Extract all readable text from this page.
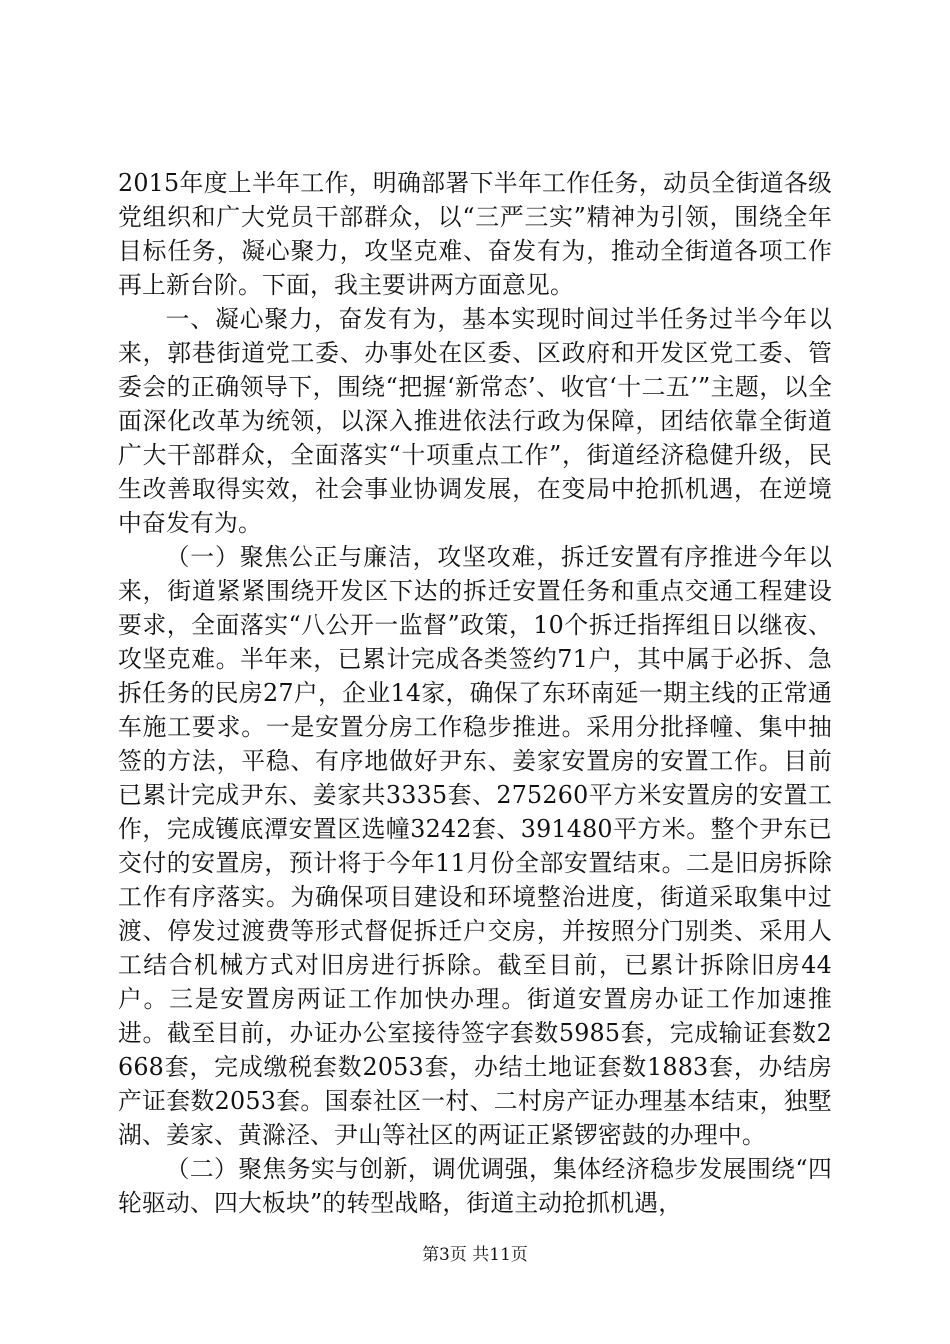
2015年度上半年工作，明确部署下半年工作任务，动员全街道各级党组织和广大党员干部群众，以“三严三实”精神为引领，围绕全年目标任务，凝心聚力，攻坚克难、奋发有为，推动全街道各项工作再上新台阶。下面，我主要讲两方面意见。

一、凝心聚力，奋发有为，基本实现时间过半任务过半今年以来，郭巷街道党工委、办事处在区委、区政府和开发区党工委、管委会的正确领导下，围绕“把握‘新常态’、收官‘十二五’”主题，以全面深化改革为统领，以深入推进依法行政为保障，团结依靠全街道广大干部群众，全面落实“十项重点工作”，街道经济稳健升级，民生改善取得实效，社会事业协调发展，在变局中抢抓机遇，在逆境中奋发有为。

（一）聚焦公正与廉洁，攻坚攻难，拆迁安置有序推进今年以来，街道紧紧围绕开发区下达的拆迁安置任务和重点交通工程建设要求，全面落实“八公开一监督”政策，10个拆迁指挥组日以继夜、攻坚克难。半年来，已累计完成各类签约71户，其中属于必拆、急拆任务的民房27户，企业14家，确保了东环南延一期主线的正常通车施工要求。一是安置分房工作稳步推进。采用分批择幢、集中抽签的方法，平稳、有序地做好尹东、姜家安置房的安置工作。目前已累计完成尹东、姜家共3335套、275260平方米安置房的安置工作，完成镬底潭安置区选幢3242套、391480平方米。整个尹东已交付的安置房，预计将于今年11月份全部安置结束。二是旧房拆除工作有序落实。为确保项目建设和环境整治进度，街道采取集中过渡、停发过渡费等形式督促拆迁户交房，并按照分门别类、采用人工结合机械方式对旧房进行拆除。截至目前，已累计拆除旧房44户。三是安置房两证工作加快办理。街道安置房办证工作加速推进。截至目前，办证办公室接待签字套数5985套，完成输证套数2668套，完成缴税套数2053套，办结土地证套数1883套，办结房产证套数2053套。国泰社区一村、二村房产证办理基本结束，独墅湖、姜家、黄滁泾、尹山等社区的两证正紧锣密鼓的办理中。

（二）聚焦务实与创新，调优调强，集体经济稳步发展围绕“四轮驱动、四大板块”的转型战略，街道主动抢抓机遇，

第3页 共11页
